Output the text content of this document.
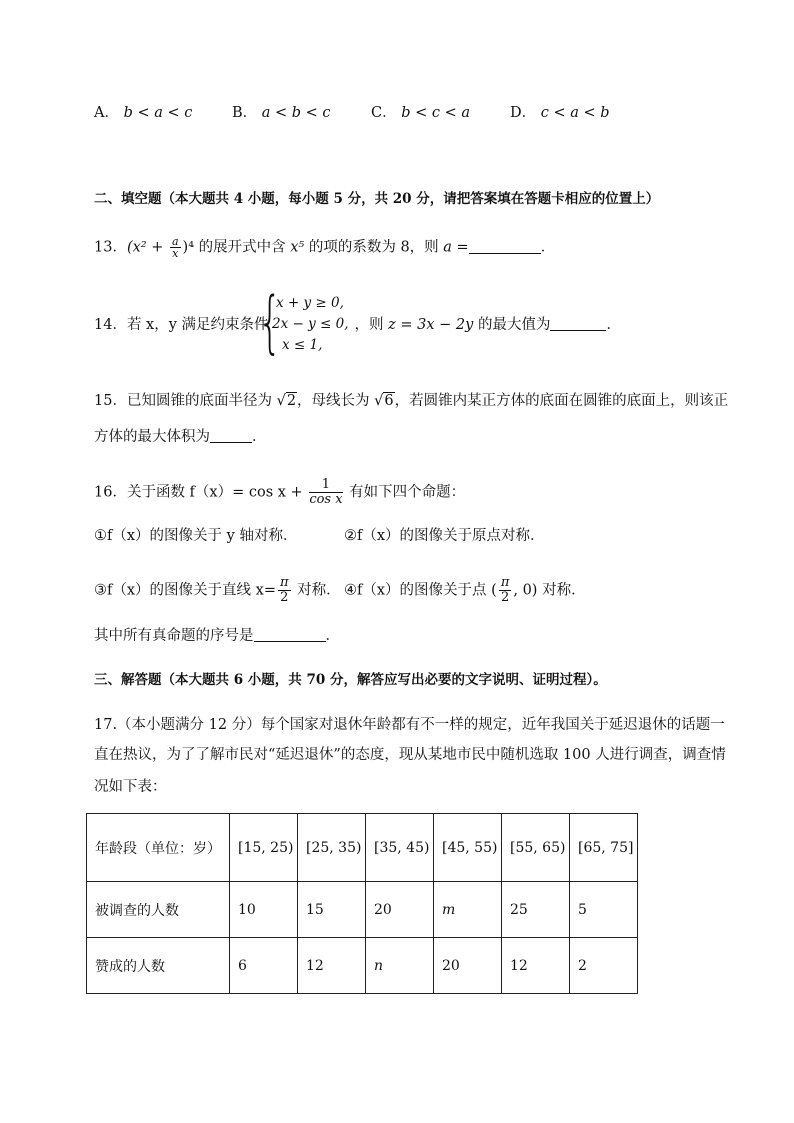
A． b < a < c	B． a < b < c	C． b < c < a	D． c < a < b
二、填空题（本大题共 4 小题，每小题 5 分，共 20 分，请把答案填在答题卡相应的位置上）
13．$(x^2 + \frac{a}{x} )^4$ 的展开式中含 x⁵ 的项的系数为 8，则 a =	．
14．若 x，y 满足约束条件	，则 z = 3x − 2y 的最大值为	．
{
x + y ≥ 0,
2x − y ≤ 0,
x ≤ 1,
15．已知圆锥的底面半径为 √2，母线长为 √6，若圆锥内某正方体的底面在圆锥的底面上，则该正
方体的最大体积为	．
16．关于函数 $f(x)= \cos x + \frac{1}{\text{cos x}}$ 有如下四个命题：
①f（x）的图像关于 y 轴对称．	②f（x）的图像关于原点对称．
③f（x）的图像关于直线 $x= \frac{\pi}{2}$ 对称． ④f（x）的图像关于点 ( $\frac{\pi}{2}$ , 0) 对称．
其中所有真命题的序号是	．
三、解答题（本大题共 6 小题，共 70 分，解答应写出必要的文字说明、证明过程）。
17.（本小题满分 12 分）每个国家对退休年龄都有不一样的规定，近年我国关于延迟退休的话题一
直在热议，为了了解市民对“延迟退休”的态度，现从某地市民中随机选取 100 人进行调查，调查情
况如下表：
年龄段（单位：岁）	[15, 25)	[25, 35)	[35, 45)	[45, 55)	[55, 65)	[65, 75]
被调查的人数	10	15	20	m	25	5
赞成的人数	6	12	n	20	12	2
